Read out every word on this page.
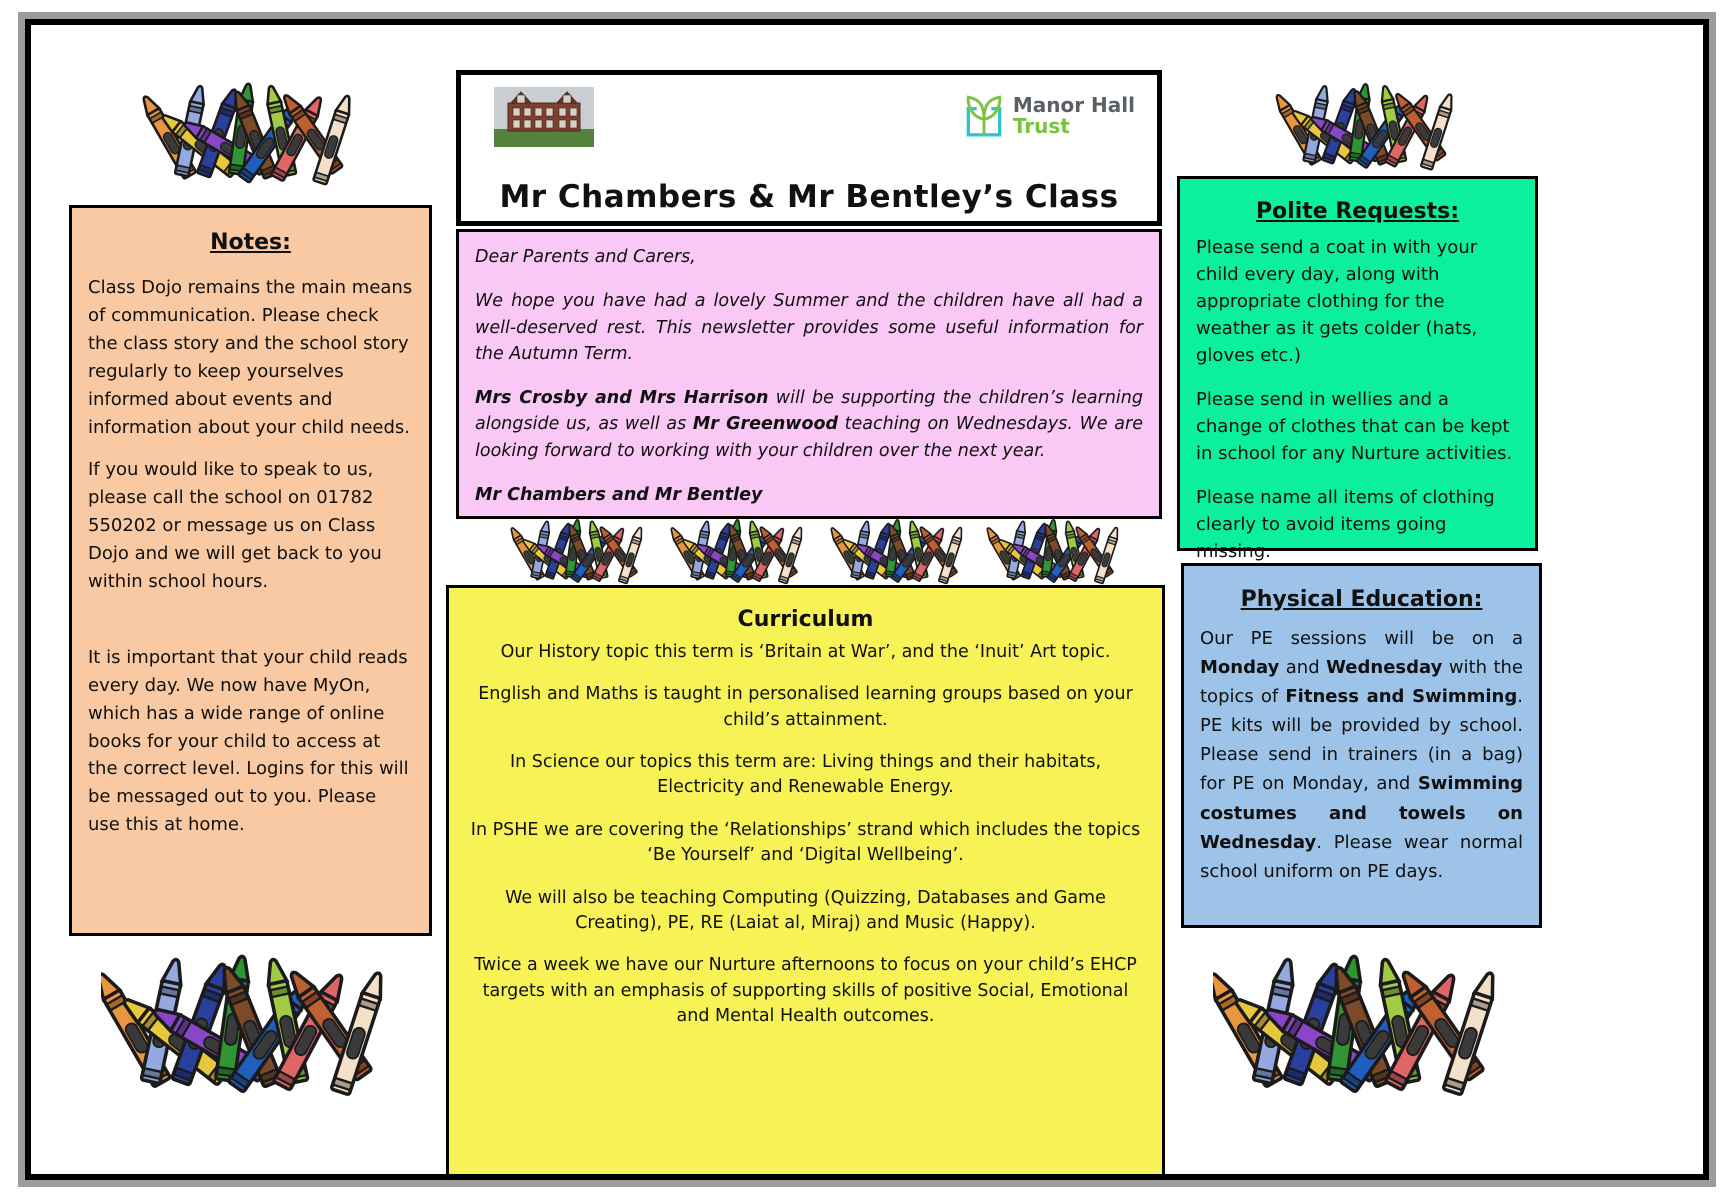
Manor Hall
Trust
Mr Chambers & Mr Bentley’s Class
Notes:

Class Dojo remains the main means of communication. Please check the class story and the school story regularly to keep yourselves informed about events and information about your child needs.

If you would like to speak to us, please call the school on 01782 550202 or message us on Class Dojo and we will get back to you within school hours.

It is important that your child reads every day. We now have MyOn, which has a wide range of online books for your child to access at the correct level. Logins for this will be messaged out to you. Please use this at home.

Dear Parents and Carers,

We hope you have had a lovely Summer and the children have all had a well-deserved rest. This newsletter provides some useful information for the Autumn Term.

Mrs Crosby and Mrs Harrison will be supporting the children’s learning alongside us, as well as Mr Greenwood teaching on Wednesdays. We are looking forward to working with your children over the next year.

Mr Chambers and Mr Bentley

Polite Requests:

Please send a coat in with your child every day, along with appropriate clothing for the weather as it gets colder (hats, gloves etc.)

Please send in wellies and a change of clothes that can be kept in school for any Nurture activities.

Please name all items of clothing clearly to avoid items going missing.

Curriculum

Our History topic this term is ‘Britain at War’, and the ‘Inuit’ Art topic.

English and Maths is taught in personalised learning groups based on your child’s attainment.

In Science our topics this term are: Living things and their habitats, Electricity and Renewable Energy.

In PSHE we are covering the ‘Relationships’ strand which includes the topics ‘Be Yourself’ and ‘Digital Wellbeing’.

We will also be teaching Computing (Quizzing, Databases and Game Creating), PE, RE (Laiat al, Miraj) and Music (Happy).

Twice a week we have our Nurture afternoons to focus on your child’s EHCP targets with an emphasis of supporting skills of positive Social, Emotional and Mental Health outcomes.

Physical Education:

Our PE sessions will be on a Monday and Wednesday with the topics of Fitness and Swimming. PE kits will be provided by school. Please send in trainers (in a bag) for PE on Monday, and Swimming costumes and towels on Wednesday. Please wear normal school uniform on PE days.
